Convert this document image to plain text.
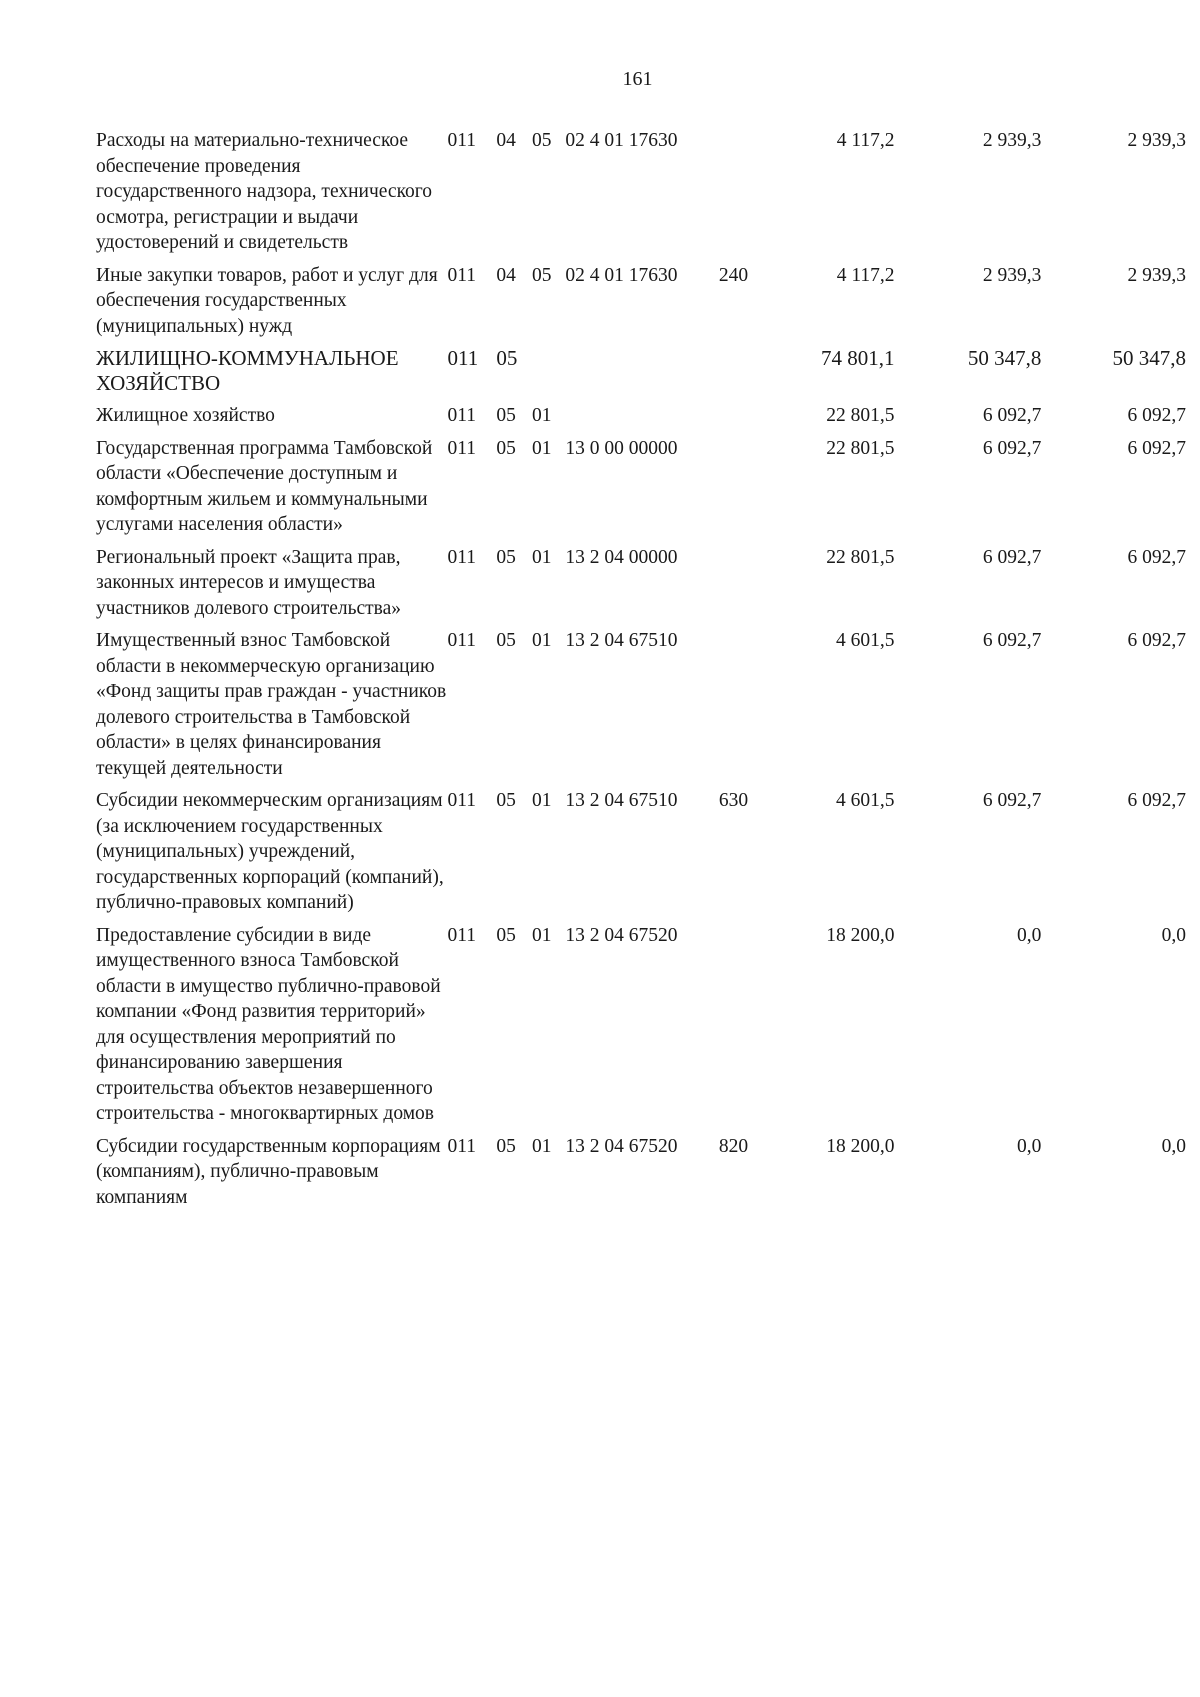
161
Расходы на материально-техническое обеспечение проведения государственного надзора, технического осмотра, регистрации и выдачи удостоверений и свидетельств	011	04	05	02 4 01 17630		4 117,2	2 939,3	2 939,3
Иные закупки товаров, работ и услуг для обеспечения государственных (муниципальных) нужд	011	04	05	02 4 01 17630	240	4 117,2	2 939,3	2 939,3
ЖИЛИЩНО-КОММУНАЛЬНОЕ ХОЗЯЙСТВО	011	05				74 801,1	50 347,8	50 347,8
Жилищное хозяйство	011	05	01			22 801,5	6 092,7	6 092,7
Государственная программа Тамбовской области «Обеспечение доступным и комфортным жильем и коммунальными услугами населения области»	011	05	01	13 0 00 00000		22 801,5	6 092,7	6 092,7
Региональный проект «Защита прав, законных интересов и имущества участников долевого строительства»	011	05	01	13 2 04 00000		22 801,5	6 092,7	6 092,7
Имущественный взнос Тамбовской области в некоммерческую организацию «Фонд защиты прав граждан - участников долевого строительства в Тамбовской области» в целях финансирования текущей деятельности	011	05	01	13 2 04 67510		4 601,5	6 092,7	6 092,7
Субсидии некоммерческим организациям (за исключением государственных (муниципальных) учреждений, государственных корпораций (компаний), публично-правовых компаний)	011	05	01	13 2 04 67510	630	4 601,5	6 092,7	6 092,7
Предоставление субсидии в виде имущественного взноса Тамбовской области в имущество публично-правовой компании «Фонд развития территорий» для осуществления мероприятий по финансированию завершения строительства объектов незавершенного строительства - многоквартирных домов	011	05	01	13 2 04 67520		18 200,0	0,0	0,0
Субсидии государственным корпорациям (компаниям), публично-правовым компаниям	011	05	01	13 2 04 67520	820	18 200,0	0,0	0,0
